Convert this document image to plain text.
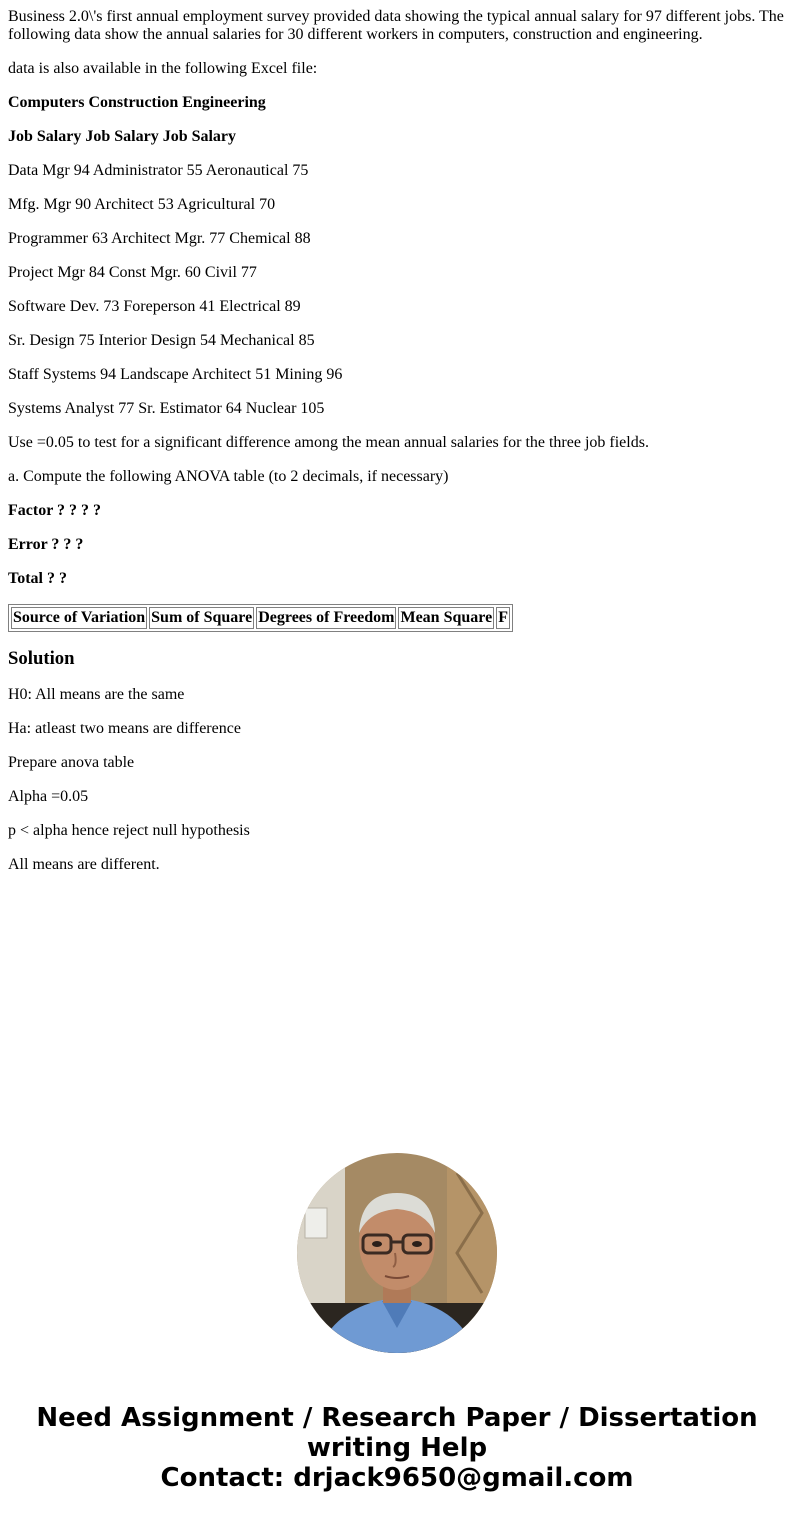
Business 2.0\'s first annual employment survey provided data showing the typical annual salary for 97 different jobs. The following data show the annual salaries for 30 different workers in computers, construction and engineering.

data is also available in the following Excel file:

Computers Construction Engineering

Job Salary Job Salary Job Salary

Data Mgr 94 Administrator 55 Aeronautical 75

Mfg. Mgr 90 Architect 53 Agricultural 70

Programmer 63 Architect Mgr. 77 Chemical 88

Project Mgr 84 Const Mgr. 60 Civil 77

Software Dev. 73 Foreperson 41 Electrical 89

Sr. Design 75 Interior Design 54 Mechanical 85

Staff Systems 94 Landscape Architect 51 Mining 96

Systems Analyst 77 Sr. Estimator 64 Nuclear 105

Use =0.05 to test for a significant difference among the mean annual salaries for the three job fields.

a. Compute the following ANOVA table (to 2 decimals, if necessary)

Factor ? ? ? ?

Error ? ? ?

Total ? ?

Source of Variation	Sum of Square	Degrees of Freedom	Mean Square	F
Solution

H0: All means are the same

Ha: atleast two means are difference

Prepare anova table

Alpha =0.05

p < alpha hence reject null hypothesis

All means are different.

Need Assignment / Research Paper / Dissertation
writing Help
Contact: drjack9650@gmail.com
